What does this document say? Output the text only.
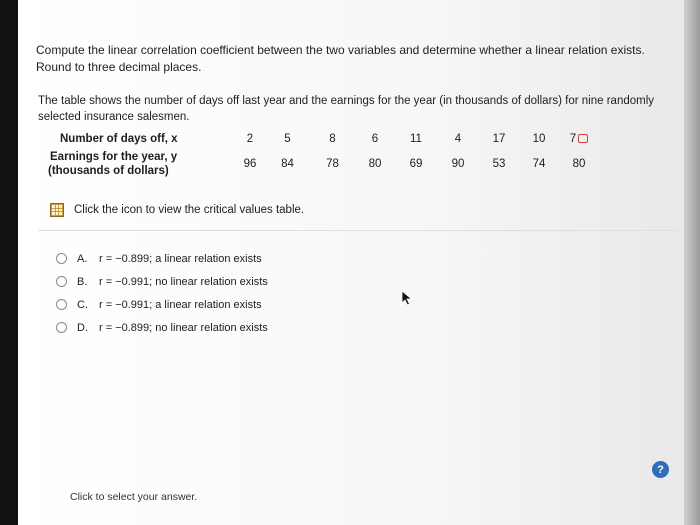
Compute the linear correlation coefficient between the two variables and determine whether a linear relation exists. Round to three decimal places.
The table shows the number of days off last year and the earnings for the year (in thousands of dollars) for nine randomly selected insurance salesmen.
Number of days off, x	2	5	8	6	11	4	17	10	7

Earnings for the year, y
(thousands of dollars)	96	84	78	80	69	90	53	74	80
Click the icon to view the critical values table.
A.	r = −0.899; a linear relation exists
B.	r = −0.991; no linear relation exists
C.	r = −0.991; a linear relation exists
D.	r = −0.899; no linear relation exists
Click to select your answer.
?
